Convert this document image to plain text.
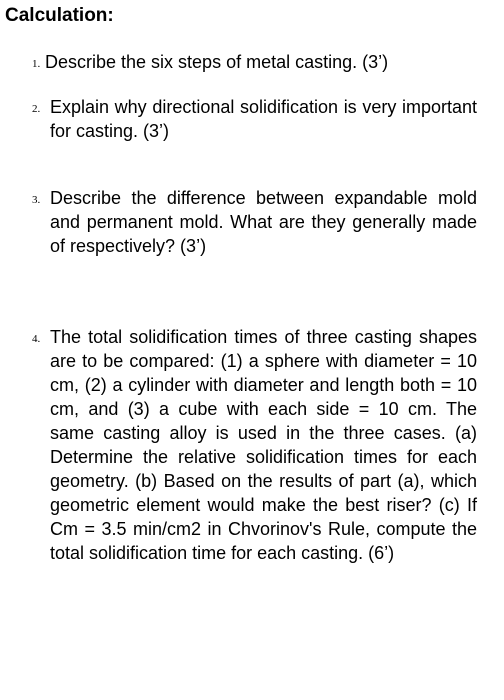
Calculation:
1. Describe the six steps of metal casting. (3’)
2. Explain why directional solidification is very important for casting. (3’)
3. Describe the difference between expandable mold and permanent mold. What are they generally made of respectively? (3’)
4. The total solidification times of three casting shapes are to be compared: (1) a sphere with diameter = 10 cm, (2) a cylinder with diameter and length both = 10 cm, and (3) a cube with each side = 10 cm. The same casting alloy is used in the three cases. (a) Determine the relative solidification times for each geometry. (b) Based on the results of part (a), which geometric element would make the best riser? (c) If Cm = 3.5 min/cm2 in Chvorinov's Rule, compute the total solidification time for each casting. (6’)
